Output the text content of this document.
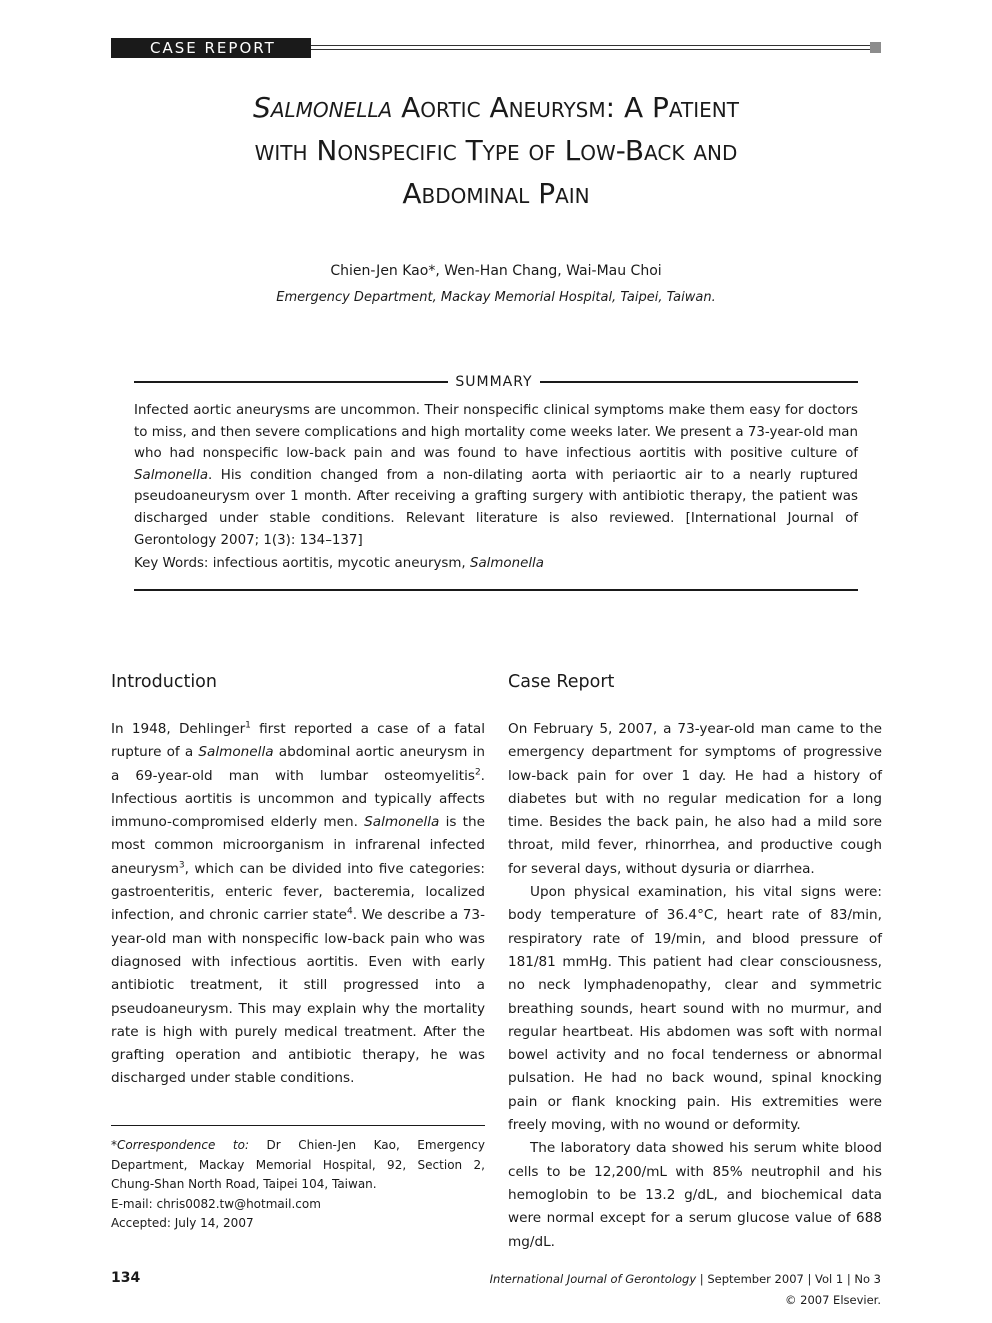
CASE REPORT
Salmonella Aortic Aneurysm: A Patient
with Nonspecific Type of Low-Back and
Abdominal Pain
Chien-Jen Kao*, Wen-Han Chang, Wai-Mau Choi
Emergency Department, Mackay Memorial Hospital, Taipei, Taiwan.
SUMMARY
Infected aortic aneurysms are uncommon. Their nonspecific clinical symptoms make them easy for doctors to miss, and then severe complications and high mortality come weeks later. We present a 73-year-old man who had nonspecific low-back pain and was found to have infectious aortitis with positive culture of Salmonella. His condition changed from a non-dilating aorta with periaortic air to a nearly ruptured pseudoaneurysm over 1 month. After receiving a grafting surgery with antibiotic therapy, the patient was discharged under stable conditions. Relevant literature is also reviewed. [International Journal of Gerontology 2007; 1(3): 134–137]
Key Words: infectious aortitis, mycotic aneurysm, Salmonella
Introduction

In 1948, Dehlinger$^1$ first reported a case of a fatal rupture of a Salmonella abdominal aortic aneurysm in a 69-year-old man with lumbar osteomyelitis$^2$. Infectious aortitis is uncommon and typically affects immuno-compromised elderly men. Salmonella is the most common microorganism in infrarenal infected aneurysm$^3$, which can be divided into five categories: gastroenteritis, enteric fever, bacteremia, localized infection, and chronic carrier state$^4$. We describe a 73-year-old man with nonspecific low-back pain who was diagnosed with infectious aortitis. Even with early antibiotic treatment, it still progressed into a pseudoaneurysm. This may explain why the mortality rate is high with purely medical treatment. After the grafting operation and antibiotic therapy, he was discharged under stable conditions.

Case Report

On February 5, 2007, a 73-year-old man came to the emergency department for symptoms of progressive low-back pain for over 1 day. He had a history of diabetes but with no regular medication for a long time. Besides the back pain, he also had a mild sore throat, mild fever, rhinorrhea, and productive cough for several days, without dysuria or diarrhea.

Upon physical examination, his vital signs were: body temperature of 36.4°C, heart rate of 83/min, respiratory rate of 19/min, and blood pressure of 181/81 mmHg. This patient had clear consciousness, no neck lymphadenopathy, clear and symmetric breathing sounds, heart sound with no murmur, and regular heartbeat. His abdomen was soft with normal bowel activity and no focal tenderness or abnormal pulsation. He had no back wound, spinal knocking pain or flank knocking pain. His extremities were freely moving, with no wound or deformity.

The laboratory data showed his serum white blood cells to be 12,200/mL with 85% neutrophil and his hemoglobin to be 13.2 g/dL, and biochemical data were normal except for a serum glucose value of 688 mg/dL.

*Correspondence to: Dr Chien-Jen Kao, Emergency Department, Mackay Memorial Hospital, 92, Section 2, Chung-Shan North Road, Taipei 104, Taiwan.
E-mail: chris0082.tw@hotmail.com
Accepted: July 14, 2007
134	International Journal of Gerontology | September 2007 | Vol 1 | No 3
© 2007 Elsevier.
